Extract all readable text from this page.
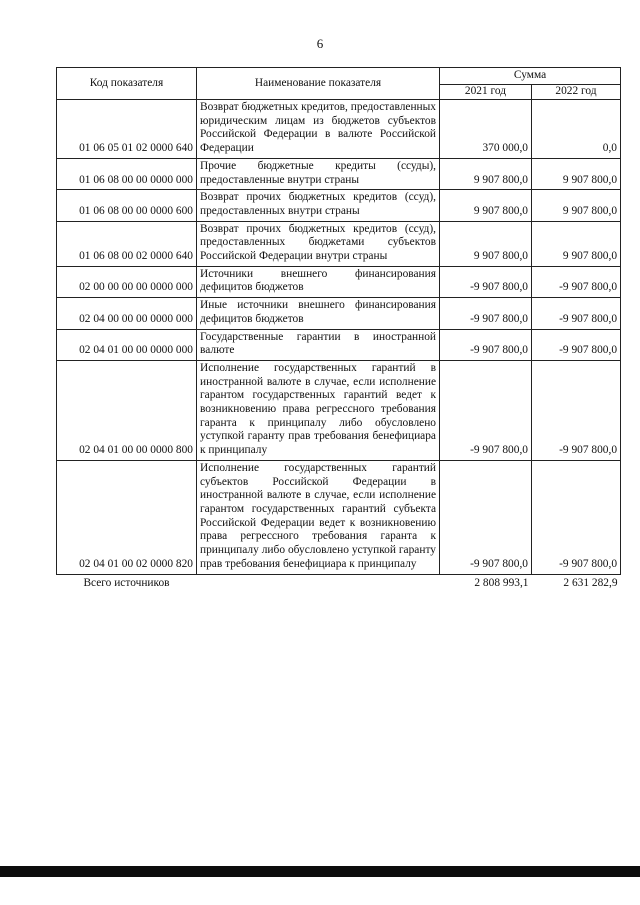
6
Код показателя	Наименование показателя	Сумма	
		2021 год	2022 год
01 06 05 01 02 0000 640	Возврат бюджетных кредитов, предоставленных юридическим лицам из бюджетов субъектов Российской Федерации в валюте Российской Федерации	370 000,0	0,0
01 06 08 00 00 0000 000	Прочие бюджетные кредиты (ссуды), предоставленные внутри страны	9 907 800,0	9 907 800,0
01 06 08 00 00 0000 600	Возврат прочих бюджетных кредитов (ссуд), предоставленных внутри страны	9 907 800,0	9 907 800,0
01 06 08 00 02 0000 640	Возврат прочих бюджетных кредитов (ссуд), предоставленных бюджетами субъектов Российской Федерации внутри страны	9 907 800,0	9 907 800,0
02 00 00 00 00 0000 000	Источники внешнего финансирования дефицитов бюджетов	-9 907 800,0	-9 907 800,0
02 04 00 00 00 0000 000	Иные источники внешнего финансирования дефицитов бюджетов	-9 907 800,0	-9 907 800,0
02 04 01 00 00 0000 000	Государственные гарантии в иностранной валюте	-9 907 800,0	-9 907 800,0
02 04 01 00 00 0000 800	Исполнение государственных гарантий в иностранной валюте в случае, если исполнение гарантом государственных гарантий ведет к возникновению права регрессного требования гаранта к принципалу либо обусловлено уступкой гаранту прав требования бенефициара к принципалу	-9 907 800,0	-9 907 800,0
02 04 01 00 02 0000 820	Исполнение государственных гарантий субъектов Российской Федерации в иностранной валюте в случае, если исполнение гарантом государственных гарантий субъекта Российской Федерации ведет к возникновению права регрессного требования гаранта к принципалу либо обусловлено уступкой гаранту прав требования бенефициара к принципалу	-9 907 800,0	-9 907 800,0
Всего источников		2 808 993,1	2 631 282,9
